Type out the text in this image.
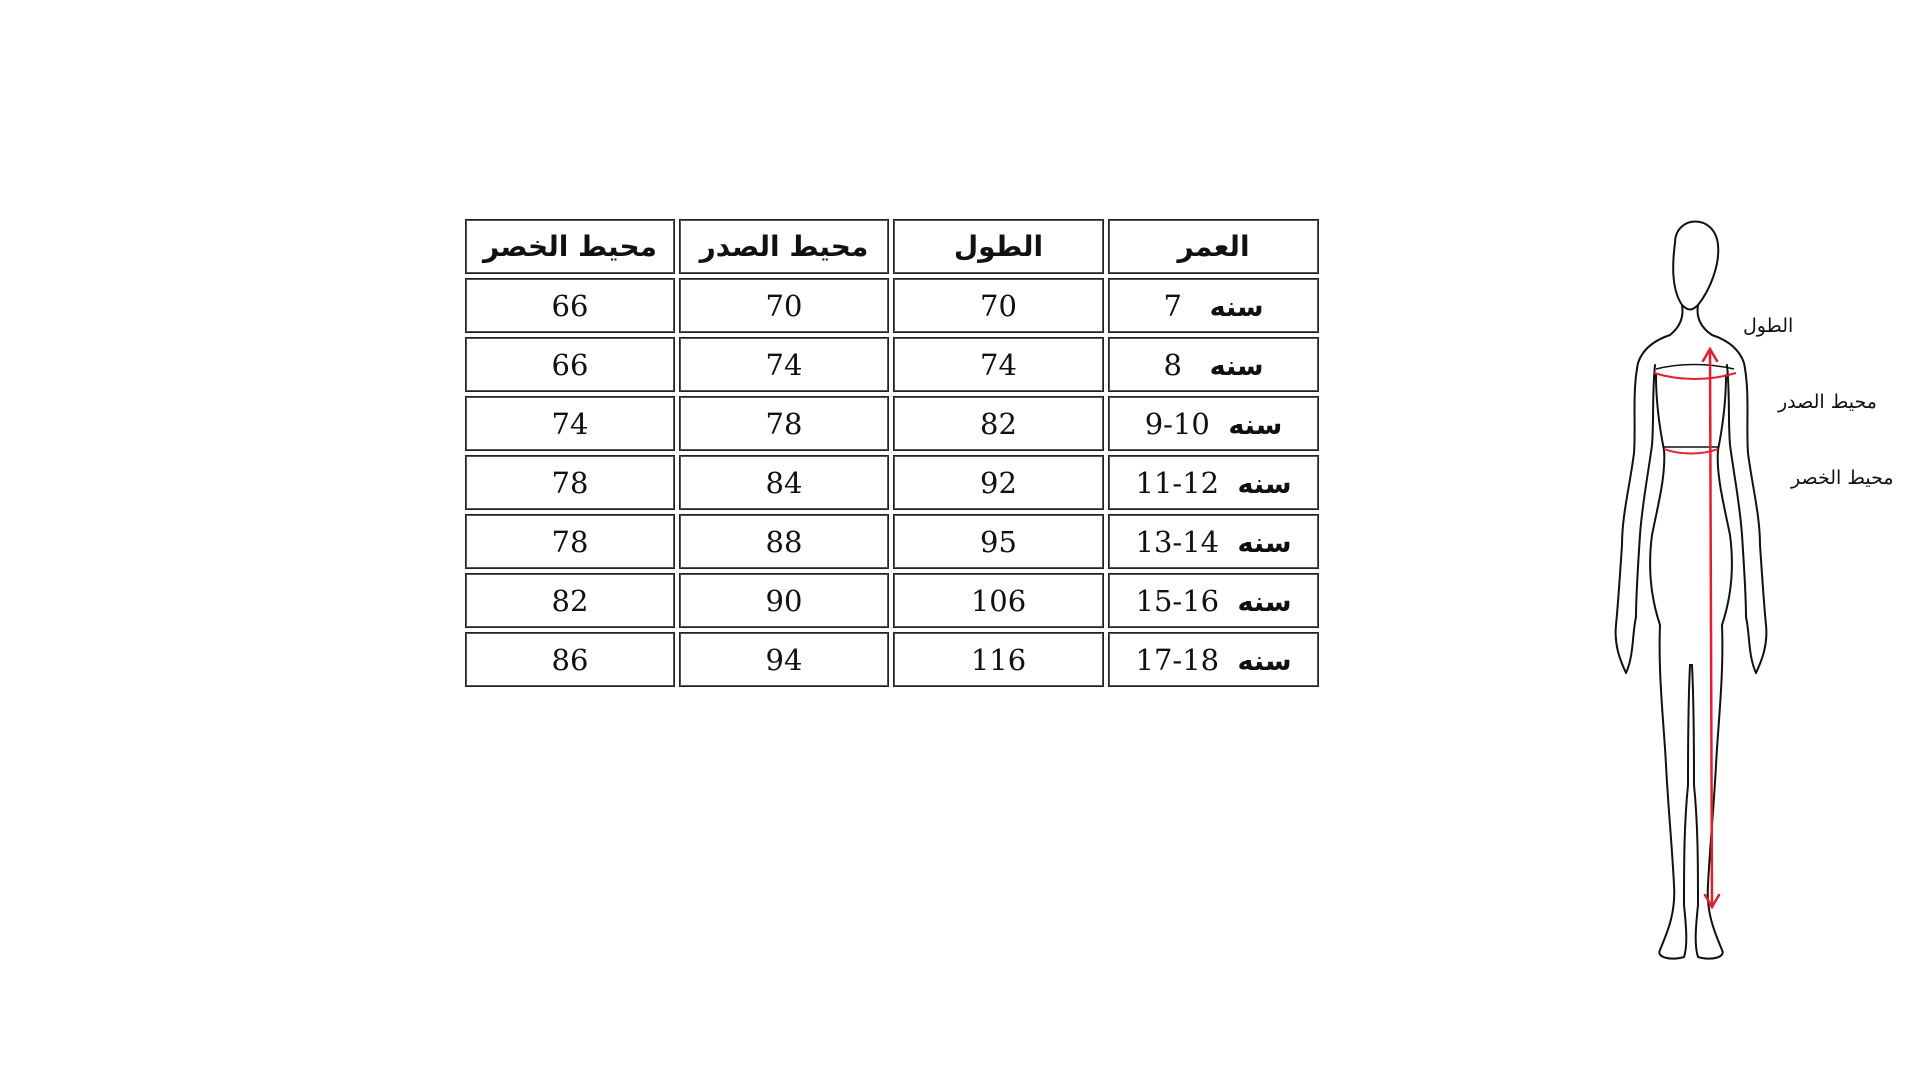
محيط الخصر	محيط الصدر	الطول	العمر
66	70	70	سنه   7
66	74	74	سنه   8
74	78	82	سنه  9-10
78	84	92	سنه  11-12
78	88	95	سنه  13-14
82	90	106	سنه  15-16
86	94	116	سنه  17-18
الطول
محيط الصدر
محيط الخصر
